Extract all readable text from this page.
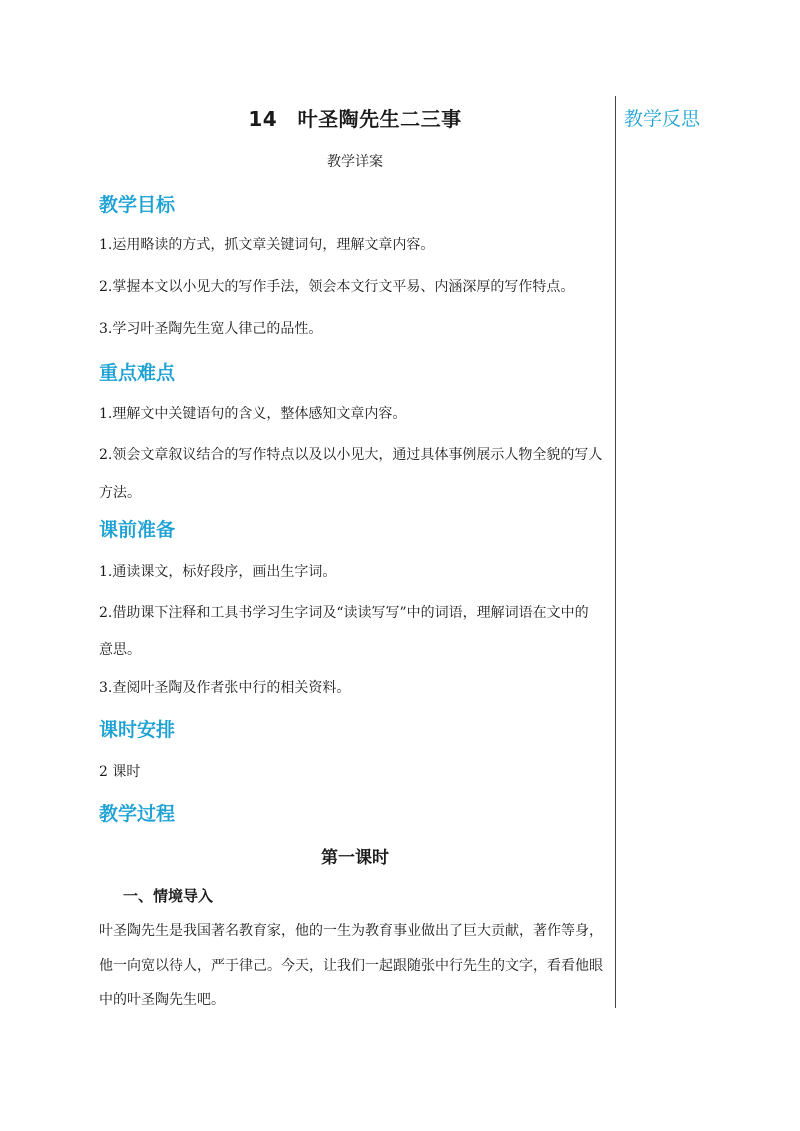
教学反思
14　叶圣陶先生二三事
教学详案
教学目标
1.运用略读的方式，抓文章关键词句，理解文章内容。
2.掌握本文以小见大的写作手法，领会本文行文平易、内涵深厚的写作特点。
3.学习叶圣陶先生宽人律己的品性。
重点难点
1.理解文中关键语句的含义，整体感知文章内容。
2.领会文章叙议结合的写作特点以及以小见大，通过具体事例展示人物全貌的写人
方法。
课前准备
1.通读课文，标好段序，画出生字词。
2.借助课下注释和工具书学习生字词及“读读写写”中的词语，理解词语在文中的
意思。
3.查阅叶圣陶及作者张中行的相关资料。
课时安排
2 课时
教学过程
第一课时
一、情境导入
叶圣陶先生是我国著名教育家，他的一生为教育事业做出了巨大贡献，著作等身，
他一向宽以待人，严于律己。今天，让我们一起跟随张中行先生的文字，看看他眼
中的叶圣陶先生吧。
